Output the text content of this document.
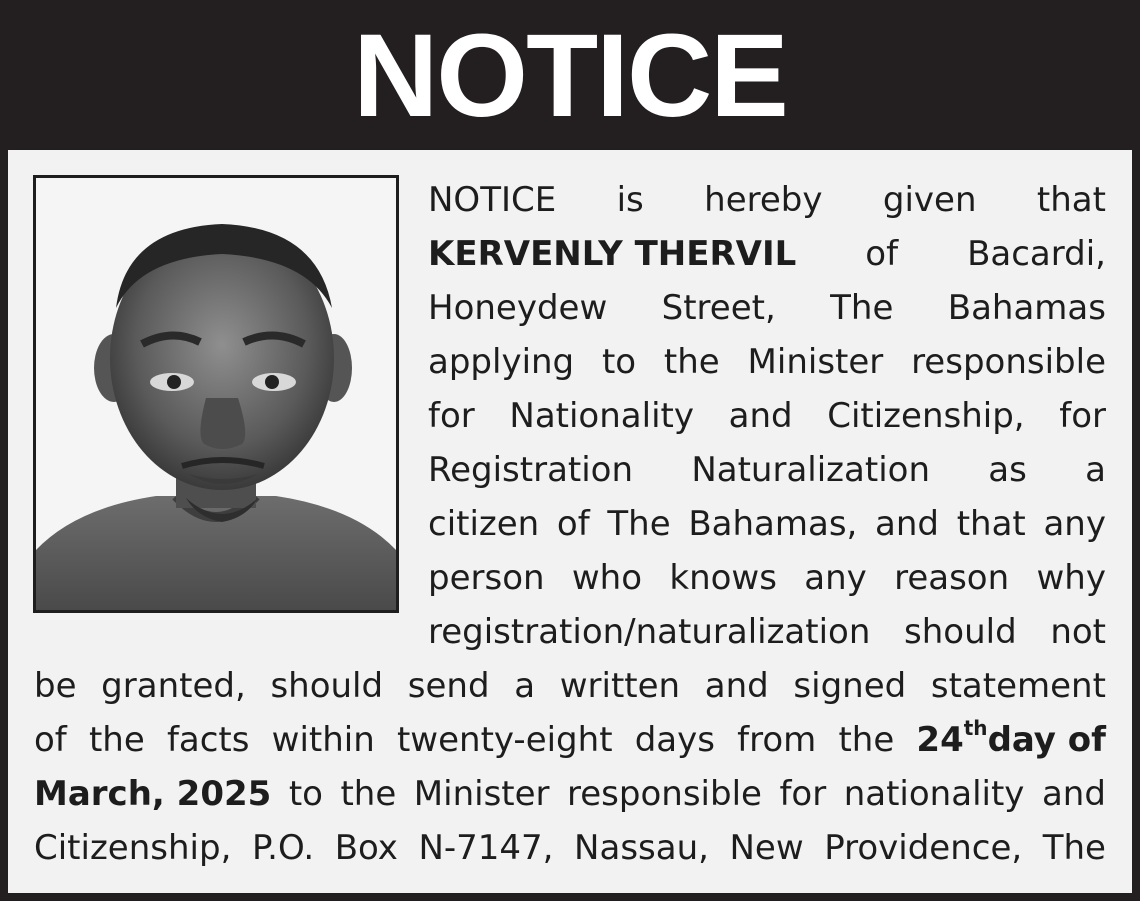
NOTICE
NOTICE is hereby given that
KERVENLY THERVIL of Bacardi,
Honeydew Street, The Bahamas
applying to the Minister responsible
for Nationality and Citizenship, for
Registration Naturalization as a
citizen of The Bahamas, and that any
person who knows any reason why
registration/naturalization should not
be granted, should send a written and signed statement
of the facts within twenty-eight days from the 24thday of
March, 2025 to the Minister responsible for nationality and
Citizenship, P.O. Box N-7147, Nassau, New Providence, The
